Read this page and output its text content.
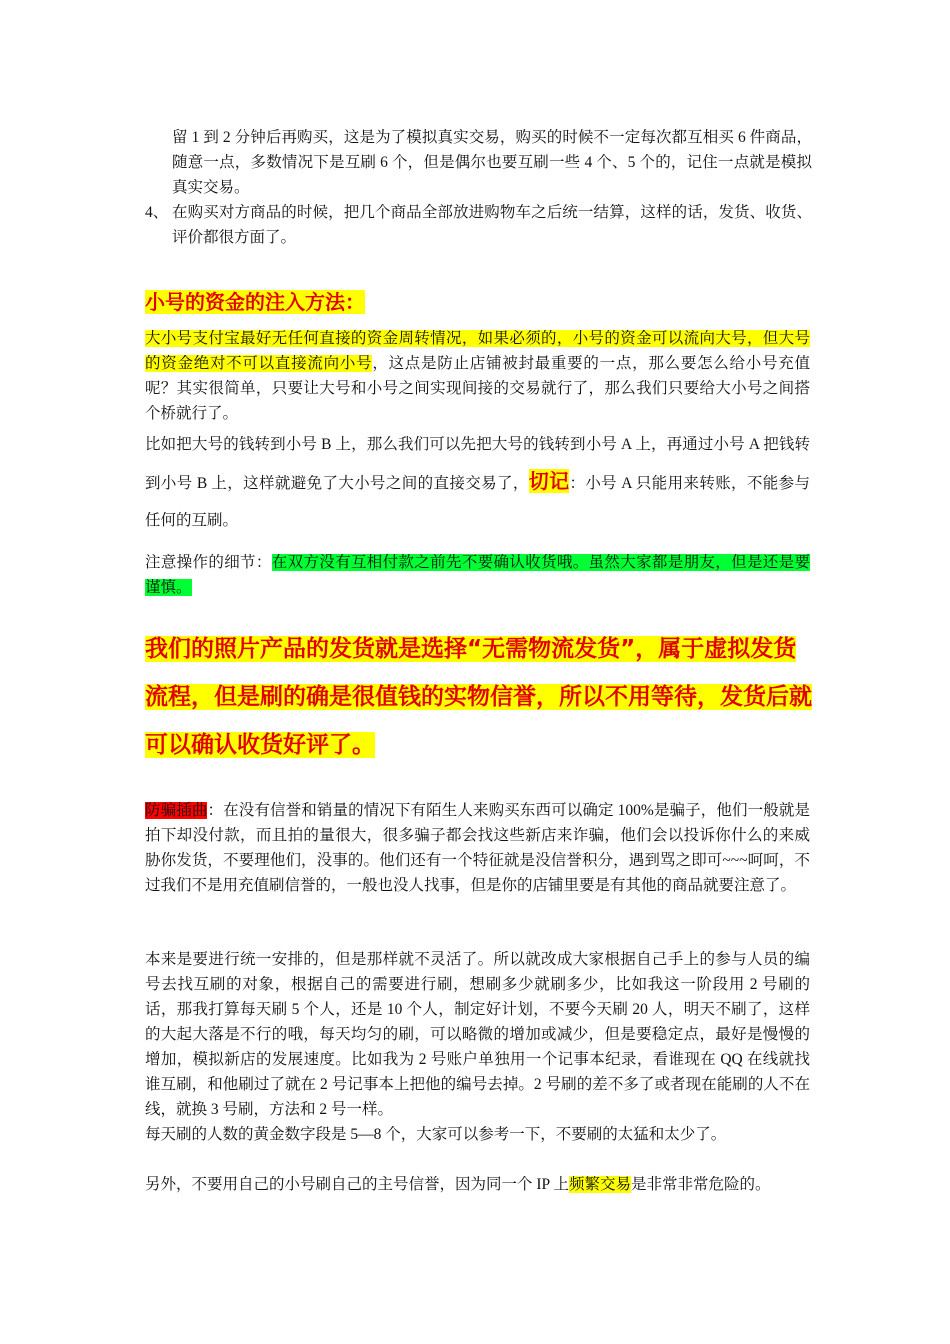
留 1 到 2 分钟后再购买，这是为了模拟真实交易，购买的时候不一定每次都互相买 6 件商品，随意一点，多数情况下是互刷 6 个，但是偶尔也要互刷一些 4 个、5 个的，记住一点就是模拟真实交易。

4、 在购买对方商品的时候，把几个商品全部放进购物车之后统一结算，这样的话，发货、收货、评价都很方面了。

小号的资金的注入方法：

大小号支付宝最好无任何直接的资金周转情况，如果必须的，小号的资金可以流向大号，但大号的资金绝对不可以直接流向小号，这点是防止店铺被封最重要的一点，那么要怎么给小号充值呢？其实很简单，只要让大号和小号之间实现间接的交易就行了，那么我们只要给大小号之间搭个桥就行了。

比如把大号的钱转到小号 B 上，那么我们可以先把大号的钱转到小号 A 上，再通过小号 A 把钱转到小号 B 上，这样就避免了大小号之间的直接交易了，切记：小号 A 只能用来转账，不能参与任何的互刷。

注意操作的细节：在双方没有互相付款之前先不要确认收货哦。虽然大家都是朋友，但是还是要谨慎。

我们的照片产品的发货就是选择“无需物流发货”，属于虚拟发货流程，但是刷的确是很值钱的实物信誉，所以不用等待，发货后就可以确认收货好评了。

防骗插曲：在没有信誉和销量的情况下有陌生人来购买东西可以确定 100%是骗子，他们一般就是拍下却没付款，而且拍的量很大，很多骗子都会找这些新店来诈骗，他们会以投诉你什么的来威胁你发货，不要理他们，没事的。他们还有一个特征就是没信誉积分，遇到骂之即可~~~呵呵，不过我们不是用充值刷信誉的，一般也没人找事，但是你的店铺里要是有其他的商品就要注意了。

本来是要进行统一安排的，但是那样就不灵活了。所以就改成大家根据自己手上的参与人员的编号去找互刷的对象，根据自己的需要进行刷，想刷多少就刷多少，比如我这一阶段用 2 号刷的话，那我打算每天刷 5 个人，还是 10 个人，制定好计划，不要今天刷 20 人，明天不刷了，这样的大起大落是不行的哦，每天均匀的刷，可以略微的增加或减少，但是要稳定点，最好是慢慢的增加，模拟新店的发展速度。比如我为 2 号账户单独用一个记事本纪录，看谁现在 QQ 在线就找谁互刷，和他刷过了就在 2 号记事本上把他的编号去掉。2 号刷的差不多了或者现在能刷的人不在线，就换 3 号刷，方法和 2 号一样。

每天刷的人数的黄金数字段是 5—8 个，大家可以参考一下，不要刷的太猛和太少了。

另外，不要用自己的小号刷自己的主号信誉，因为同一个 IP 上频繁交易是非常非常危险的。
